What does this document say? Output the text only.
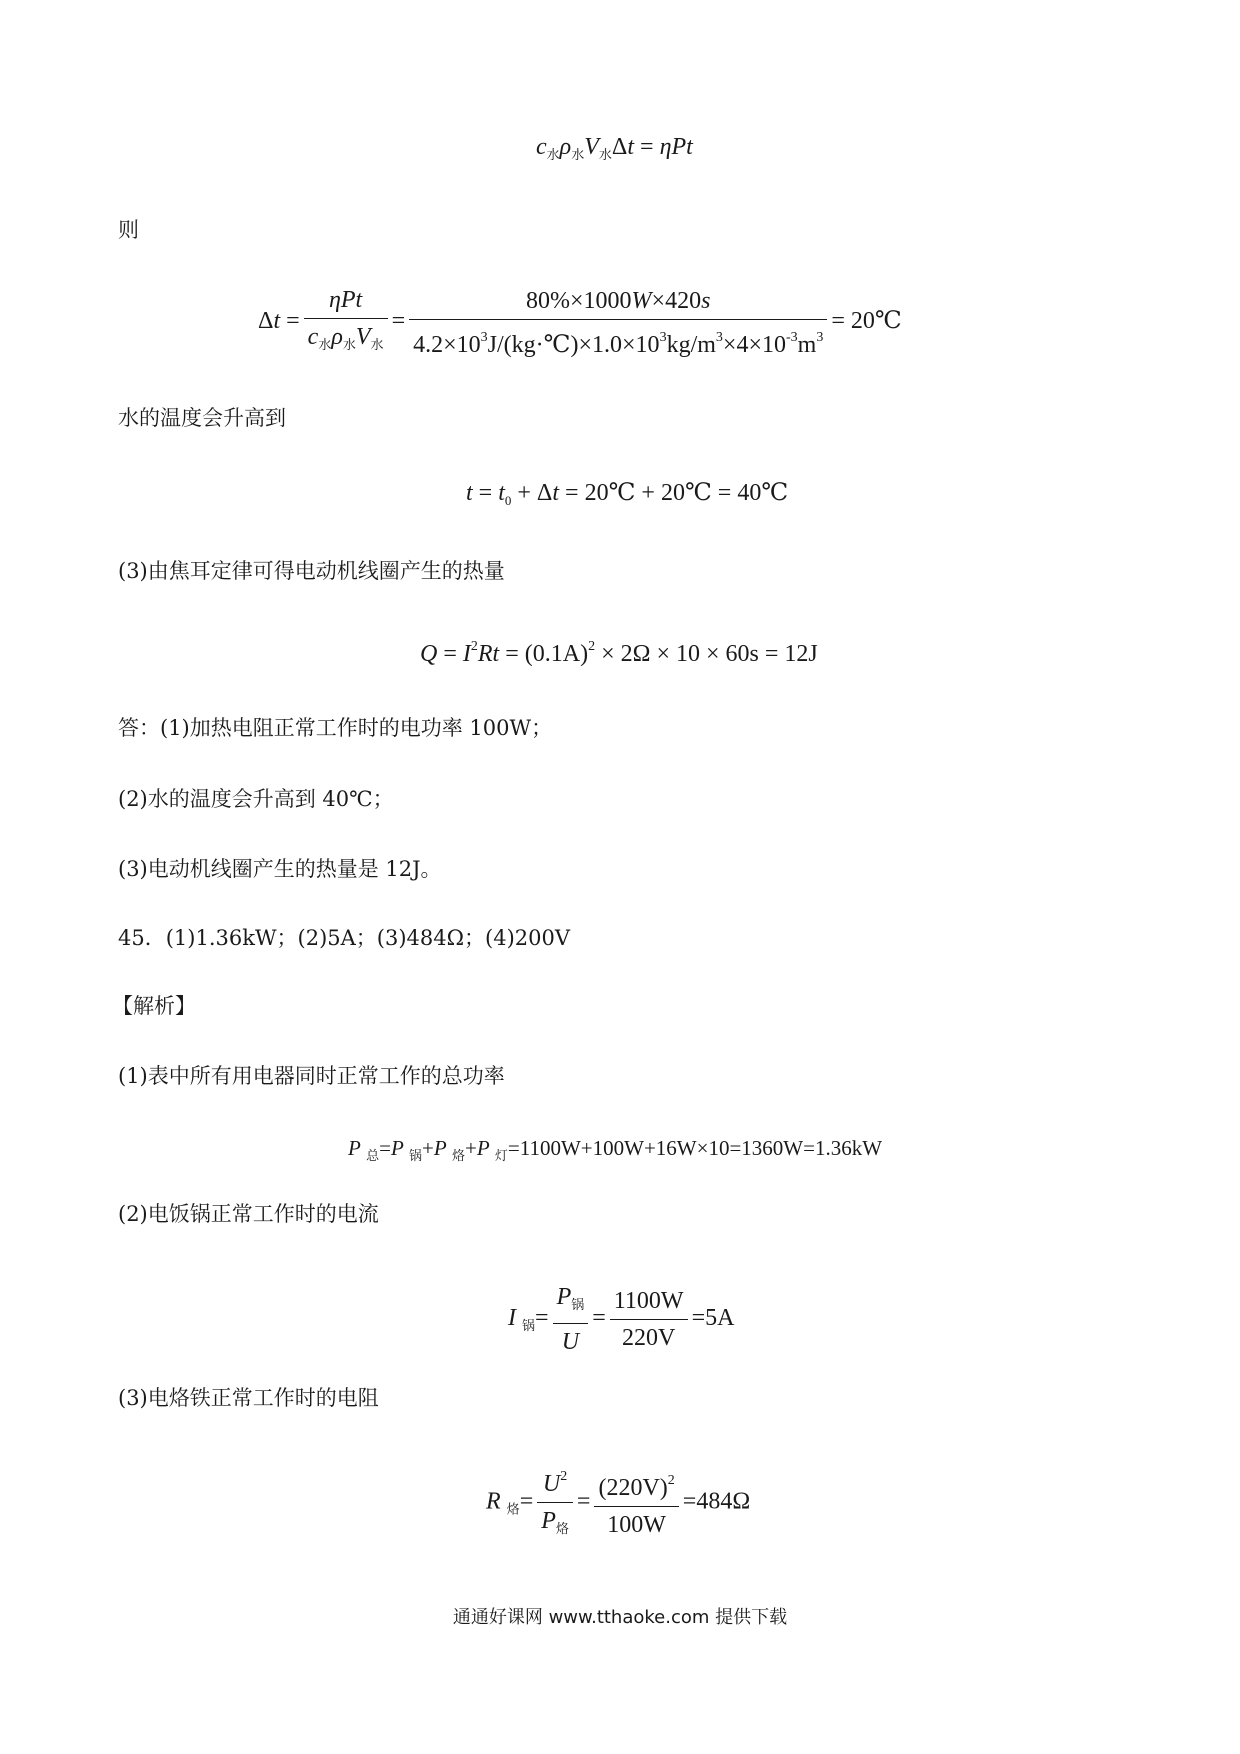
$c_水\rho_水V_水\Delta t = \eta Pt$
则
$\Delta t = \frac{\text{ηPt}}{c_水\rho_水V_水} = \frac{80\%\times 1000W\times 420s}{4.2\times 10^3J/(kg\cdot℃)\times 1.0\times 10^3kg/m^3\times 4\times 10^{-3}m^3}$ = 20℃
水的温度会升高到
$t = t_0 + \Delta t$ = 20℃ + 20℃ = 40℃
(3)由焦耳定律可得电动机线圈产生的热量
$Q = I^2Rt = (0.1A)^2 \times 2\Omega \times 10 \times 60s = 12J$
答：(1)加热电阻正常工作时的电功率 100W；
(2)水的温度会升高到 40℃；
(3)电动机线圈产生的热量是 12J。
45．(1)1.36kW；(2)5A；(3)484Ω；(4)200V
【解析】
(1)表中所有用电器同时正常工作的总功率
P $_总$=P $_锅$+P $_烙$+P $_灯$=1100W+100W+16W×10=1360W=1.36kW
(2)电饭锅正常工作时的电流
I $_锅= \frac{P_锅}{U} = \frac{1100W}{220V} =5A$
(3)电烙铁正常工作时的电阻
R $_烙= \frac{U^2}{P_烙} = \frac{(220V)^2}{100W} =484\Omega$
通通好课网 www.tthaoke.com 提供下载
